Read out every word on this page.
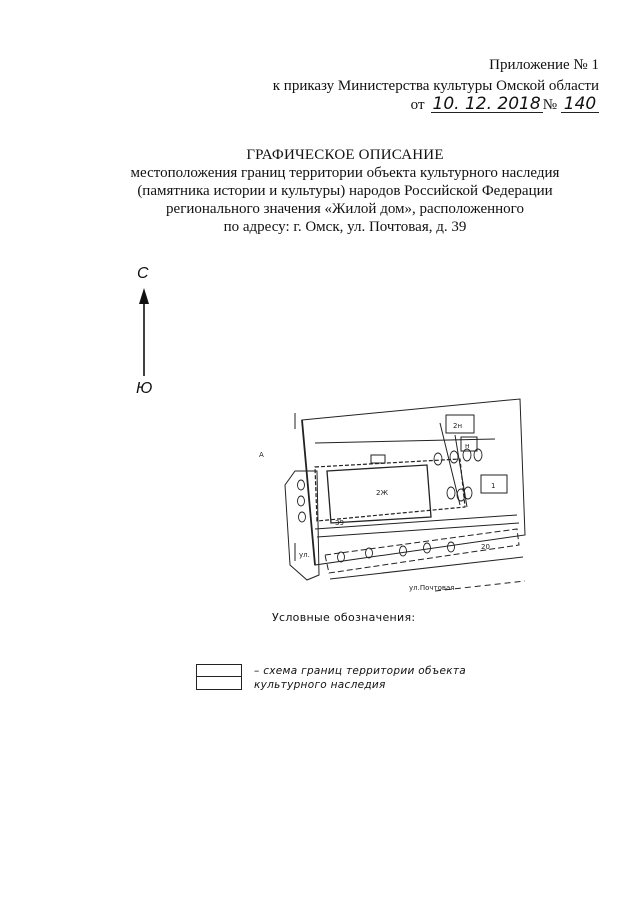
Приложение № 1
к приказу Министерства культуры Омской области
от 10. 12. 2018 № 140
ГРАФИЧЕСКОЕ ОПИСАНИЕ
местоположения границ территории объекта культурного наследия
(памятника истории и культуры) народов Российской Федерации
регионального значения «Жилой дом», расположенного
по адресу: г. Омск, ул. Почтовая, д. 39
С
Ю
2Ж
39
2н
н
1
ул.Почтовая
А
20
ул.
Условные обозначения:
– схема границ территории объекта
культурного наследия
